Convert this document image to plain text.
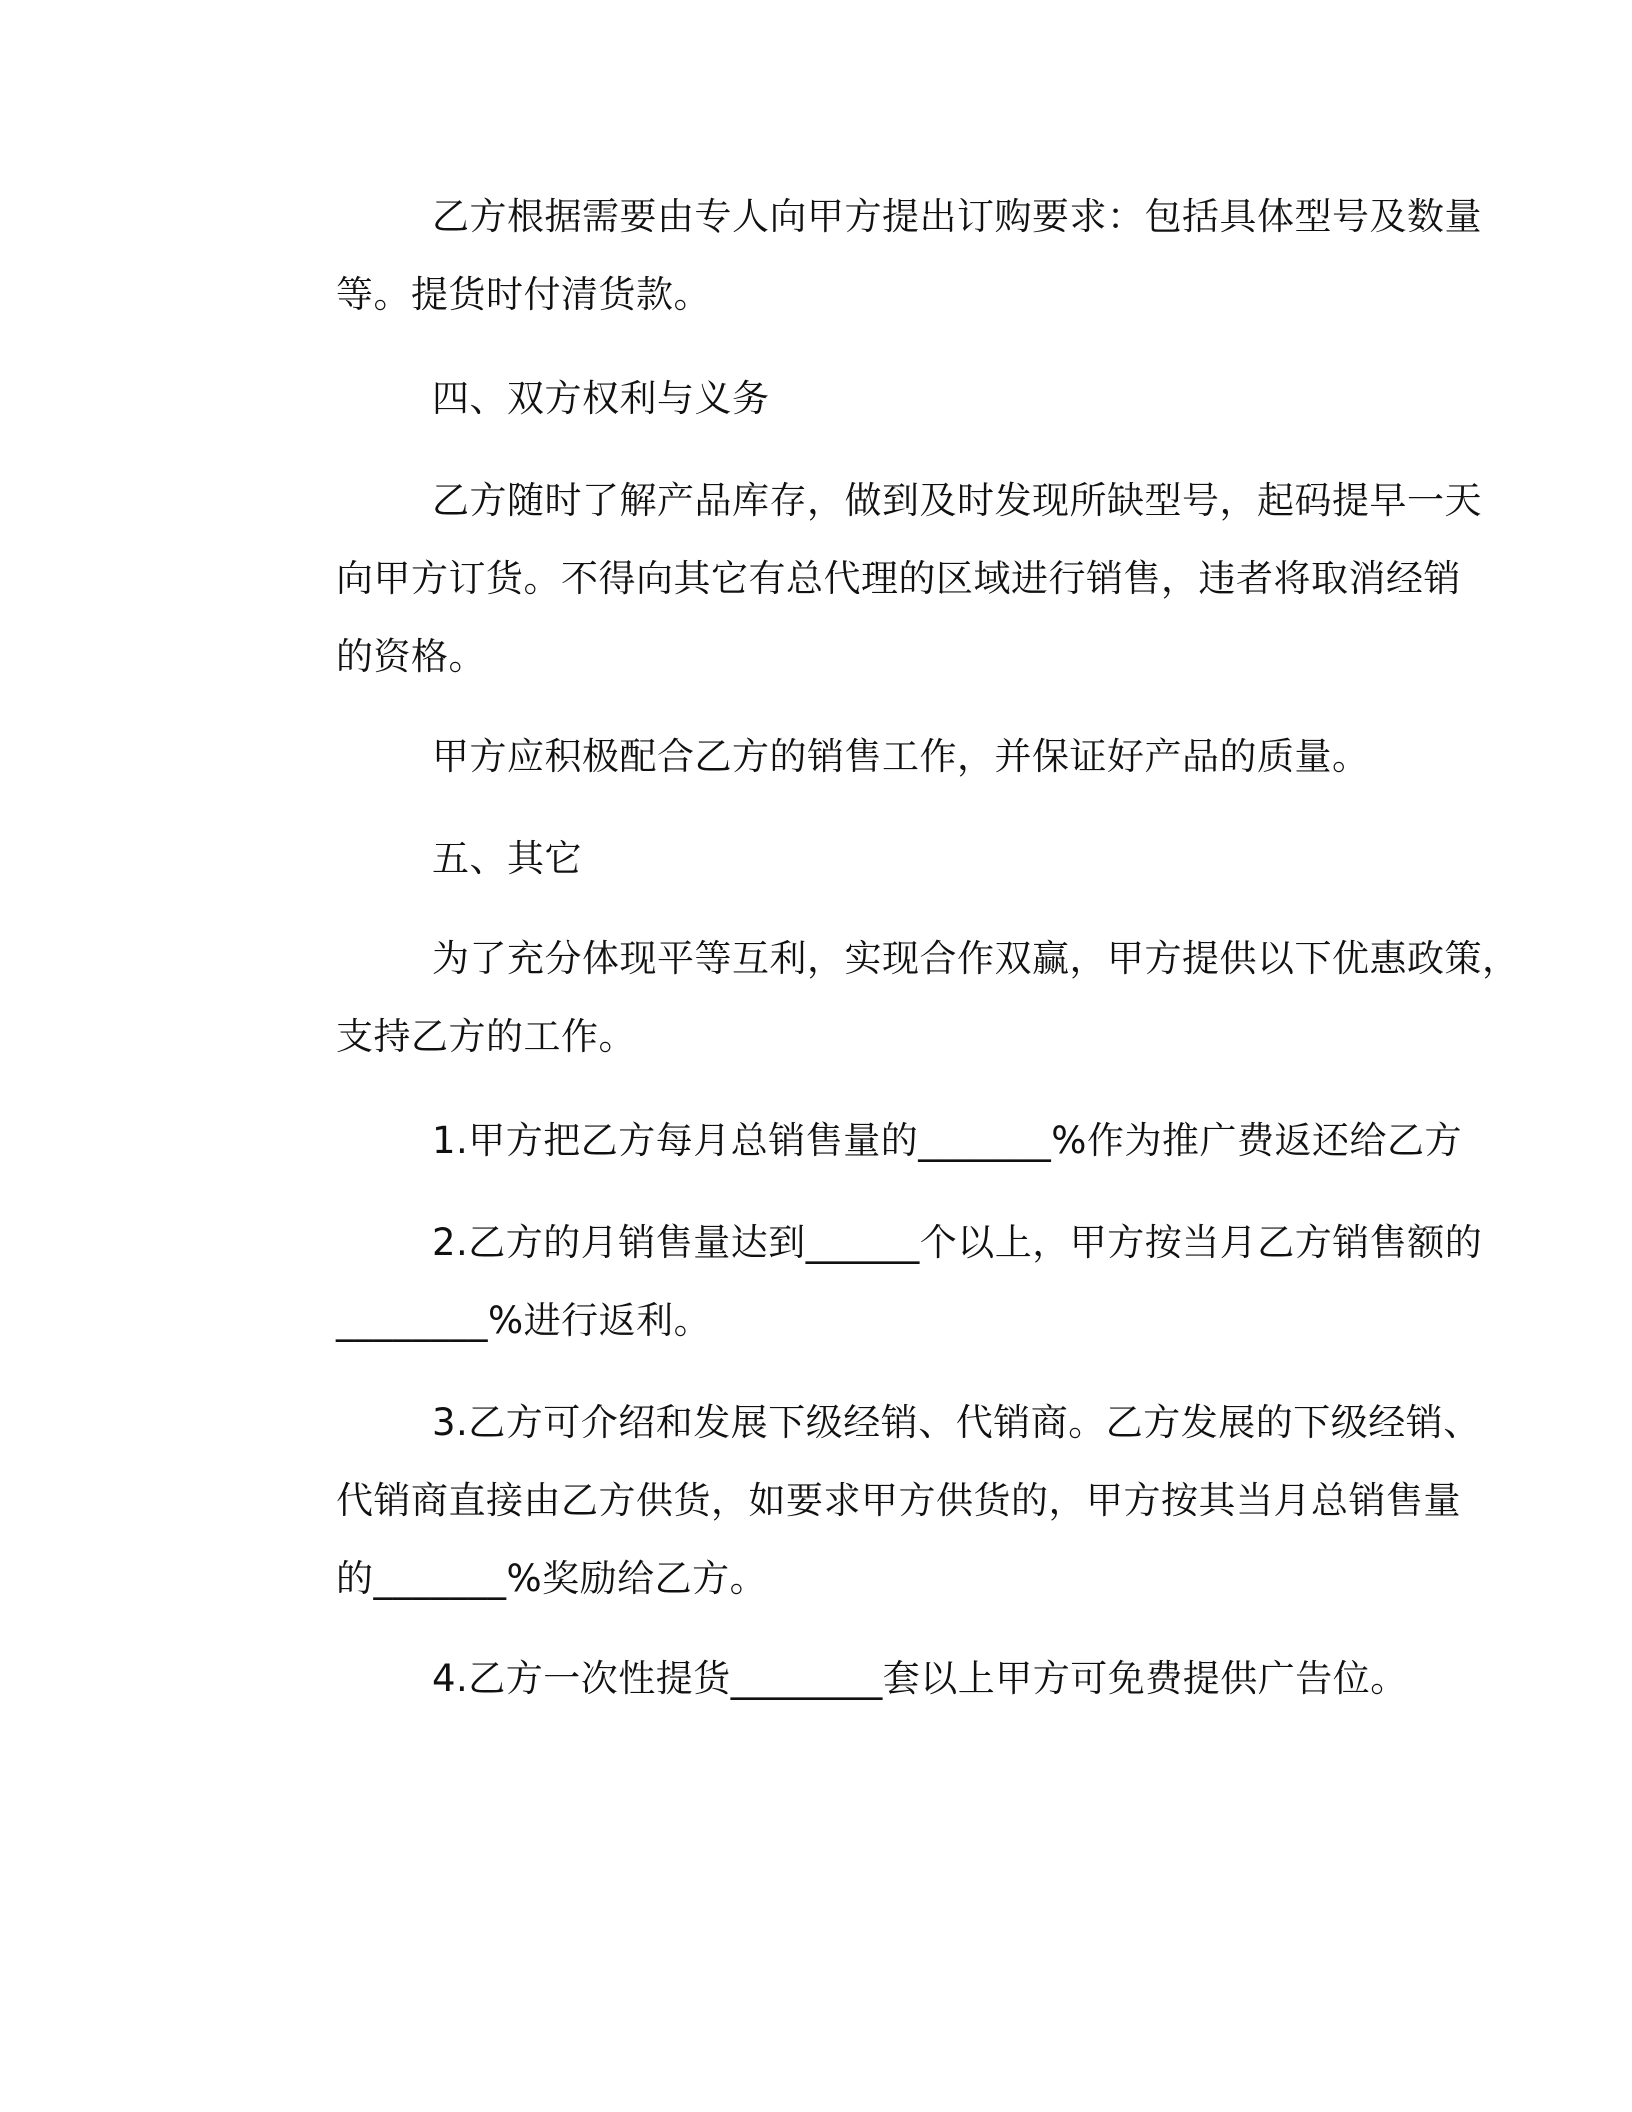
乙方根据需要由专人向甲方提出订购要求：包括具体型号及数量
等。提货时付清货款。
四、双方权利与义务
乙方随时了解产品库存，做到及时发现所缺型号，起码提早一天
向甲方订货。不得向其它有总代理的区域进行销售，违者将取消经销
的资格。
甲方应积极配合乙方的销售工作，并保证好产品的质量。
五、其它
为了充分体现平等互利，实现合作双赢，甲方提供以下优惠政策，
支持乙方的工作。
1.甲方把乙方每月总销售量的_______%作为推广费返还给乙方
2.乙方的月销售量达到______个以上，甲方按当月乙方销售额的
________%进行返利。
3.乙方可介绍和发展下级经销、代销商。乙方发展的下级经销、
代销商直接由乙方供货，如要求甲方供货的，甲方按其当月总销售量
的_______%奖励给乙方。
4.乙方一次性提货________套以上甲方可免费提供广告位。
